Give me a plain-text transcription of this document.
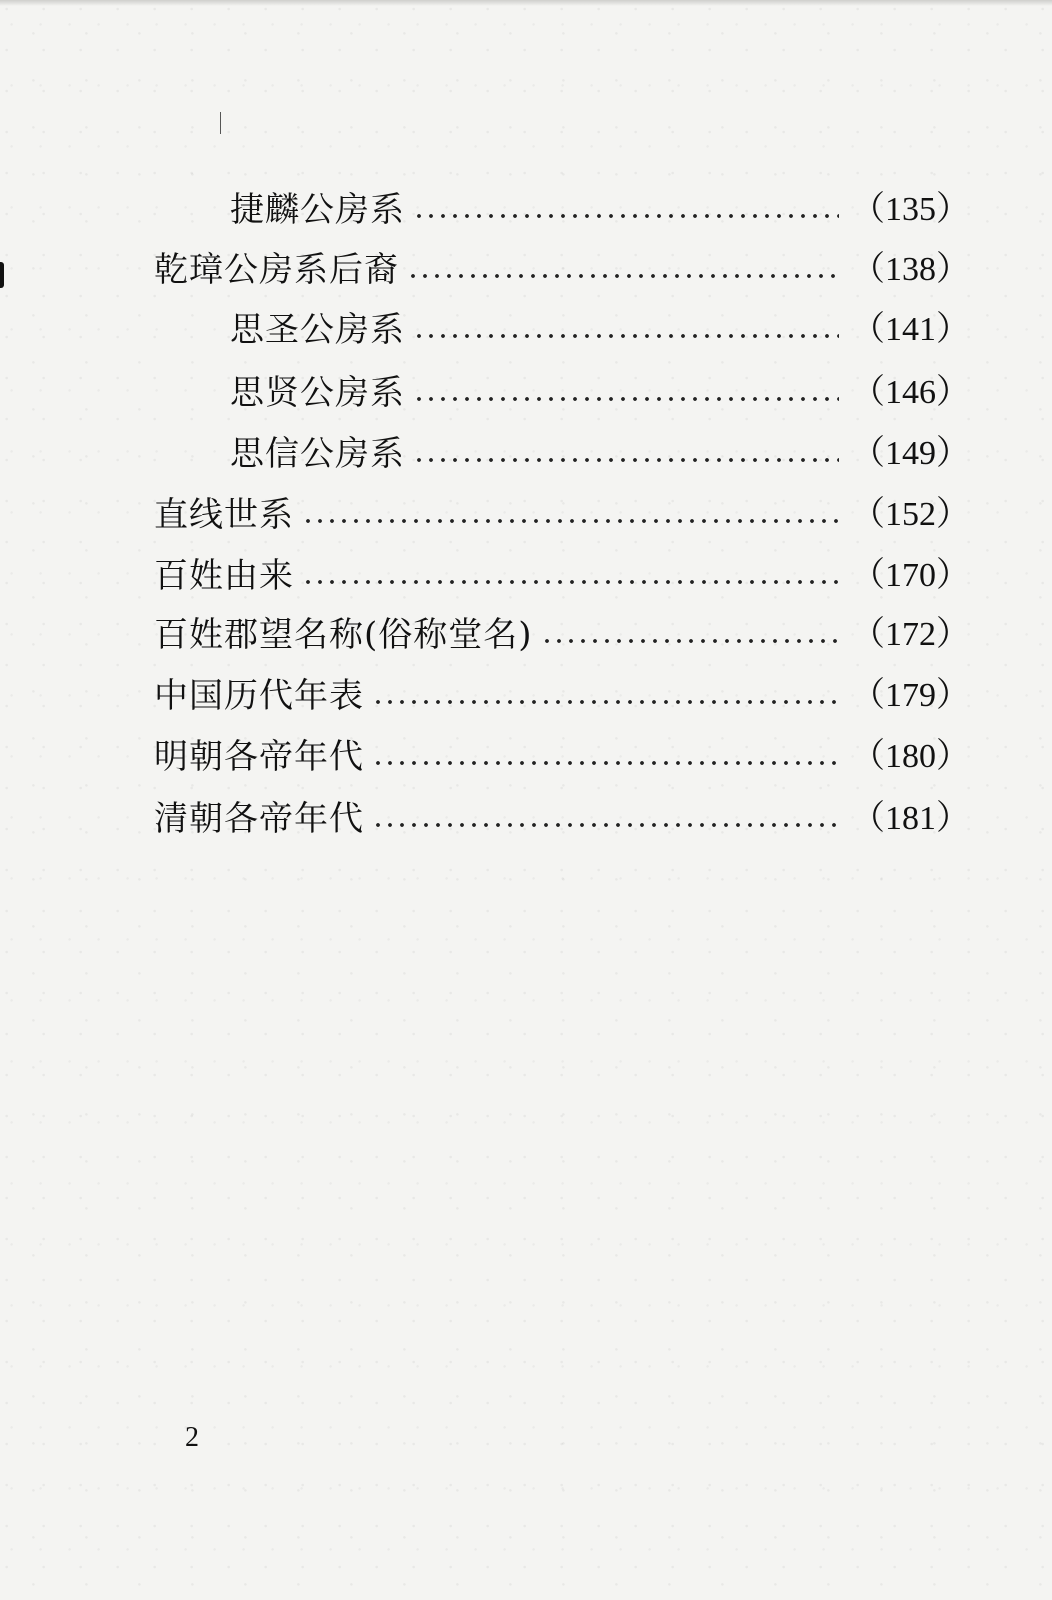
捷麟公房系	（135）
乾璋公房系后裔	（138）
思圣公房系	（141）
思贤公房系	（146）
思信公房系	（149）
直线世系	（152）
百姓由来	（170）
百姓郡望名称(俗称堂名)	（172）
中国历代年表	（179）
明朝各帝年代	（180）
清朝各帝年代	（181）
2
